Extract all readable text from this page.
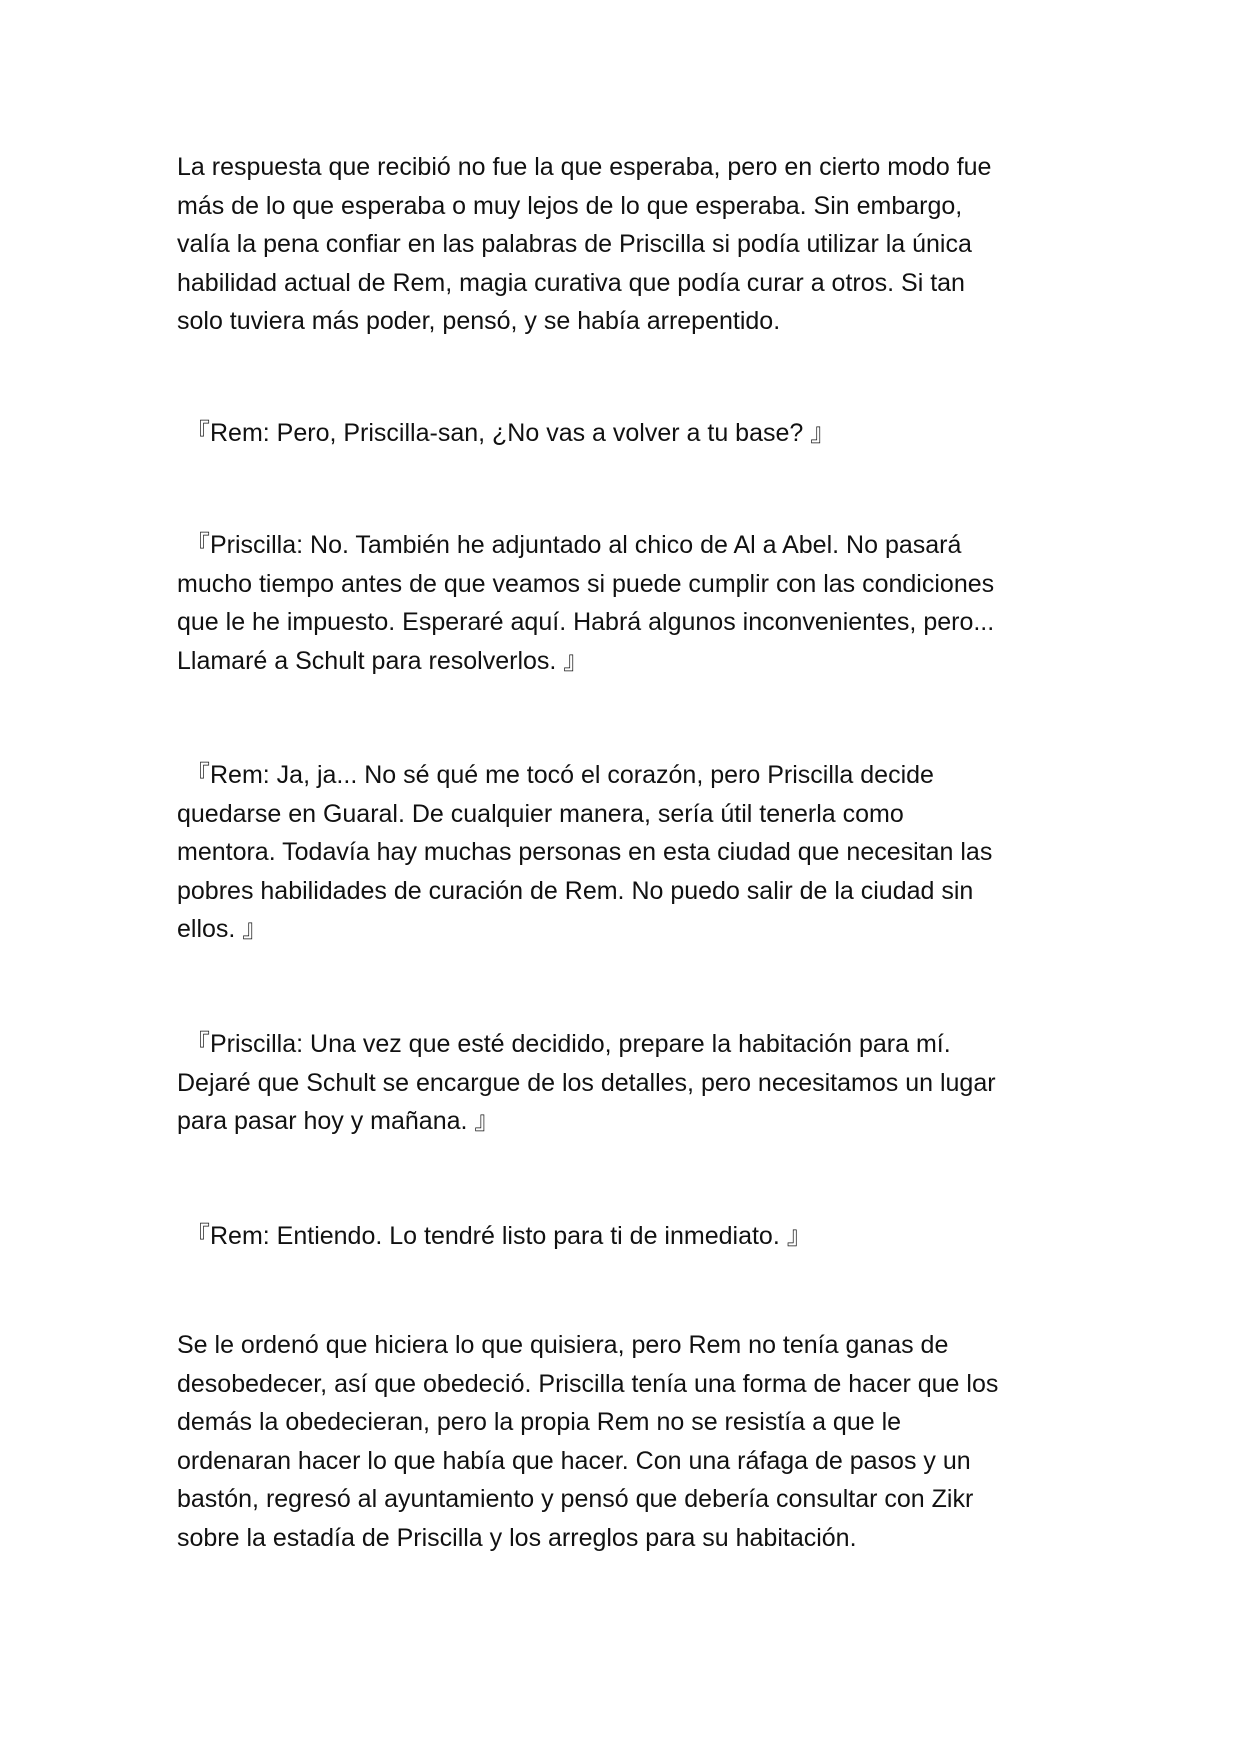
La respuesta que recibió no fue la que esperaba, pero en cierto modo fue
más de lo que esperaba o muy lejos de lo que esperaba. Sin embargo,
valía la pena confiar en las palabras de Priscilla si podía utilizar la única
habilidad actual de Rem, magia curativa que podía curar a otros. Si tan
solo tuviera más poder, pensó, y se había arrepentido.

『Rem: Pero, Priscilla-san, ¿No vas a volver a tu base? 』

『Priscilla: No. También he adjuntado al chico de Al a Abel. No pasará
mucho tiempo antes de que veamos si puede cumplir con las condiciones
que le he impuesto. Esperaré aquí. Habrá algunos inconvenientes, pero...
Llamaré a Schult para resolverlos. 』

『Rem: Ja, ja... No sé qué me tocó el corazón, pero Priscilla decide
quedarse en Guaral. De cualquier manera, sería útil tenerla como
mentora. Todavía hay muchas personas en esta ciudad que necesitan las
pobres habilidades de curación de Rem. No puedo salir de la ciudad sin
ellos. 』

『Priscilla: Una vez que esté decidido, prepare la habitación para mí.
Dejaré que Schult se encargue de los detalles, pero necesitamos un lugar
para pasar hoy y mañana. 』

『Rem: Entiendo. Lo tendré listo para ti de inmediato. 』

Se le ordenó que hiciera lo que quisiera, pero Rem no tenía ganas de
desobedecer, así que obedeció. Priscilla tenía una forma de hacer que los
demás la obedecieran, pero la propia Rem no se resistía a que le
ordenaran hacer lo que había que hacer. Con una ráfaga de pasos y un
bastón, regresó al ayuntamiento y pensó que debería consultar con Zikr
sobre la estadía de Priscilla y los arreglos para su habitación.
